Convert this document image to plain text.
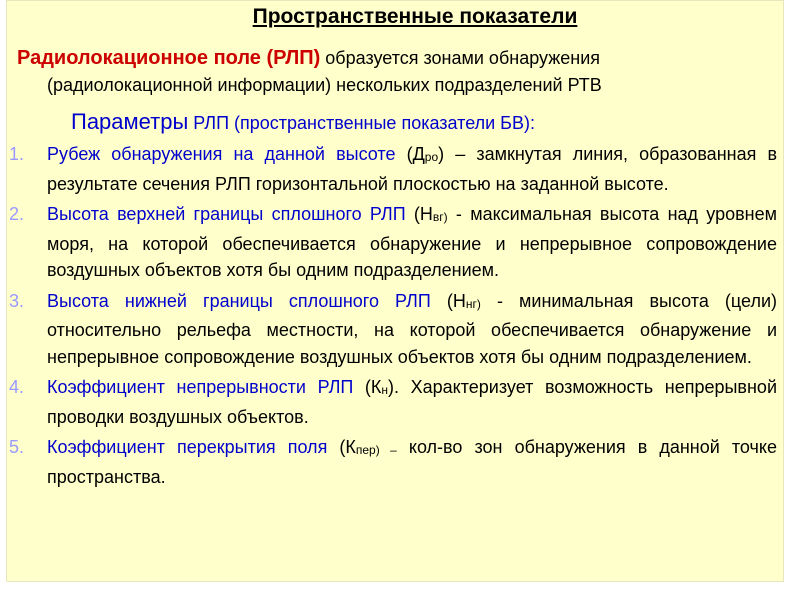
Пространственные показатели
Радиолокационное поле (РЛП) образуется зонами обнаружения
(радиолокационной информации) нескольких подразделений РТВ
Параметры РЛП (пространственные показатели БВ):
1. Рубеж обнаружения на данной высоте $(Д_{ро})$ – замкнутая линия, образованная в результате сечения РЛП горизонтальной плоскостью на заданной высоте.
2. Высота верхней границы сплошного РЛП ($Н_{вг)}$ - максимальная высота над уровнем моря, на которой обеспечивается обнаружение и непрерывное сопровождение воздушных объектов хотя бы одним подразделением.
3. Высота нижней границы сплошного РЛП ($Н_{нг)}$ - минимальная высота (цели) относительно рельефа местности, на которой обеспечивается обнаружение и непрерывное сопровождение воздушных объектов хотя бы одним подразделением.
4. Коэффициент непрерывности РЛП $(К_н)$. Характеризует возможность непрерывной проводки воздушных объектов.
5. Коэффициент перекрытия поля ($К_{пер) -}$ кол-во зон обнаружения в данной точке пространства.
